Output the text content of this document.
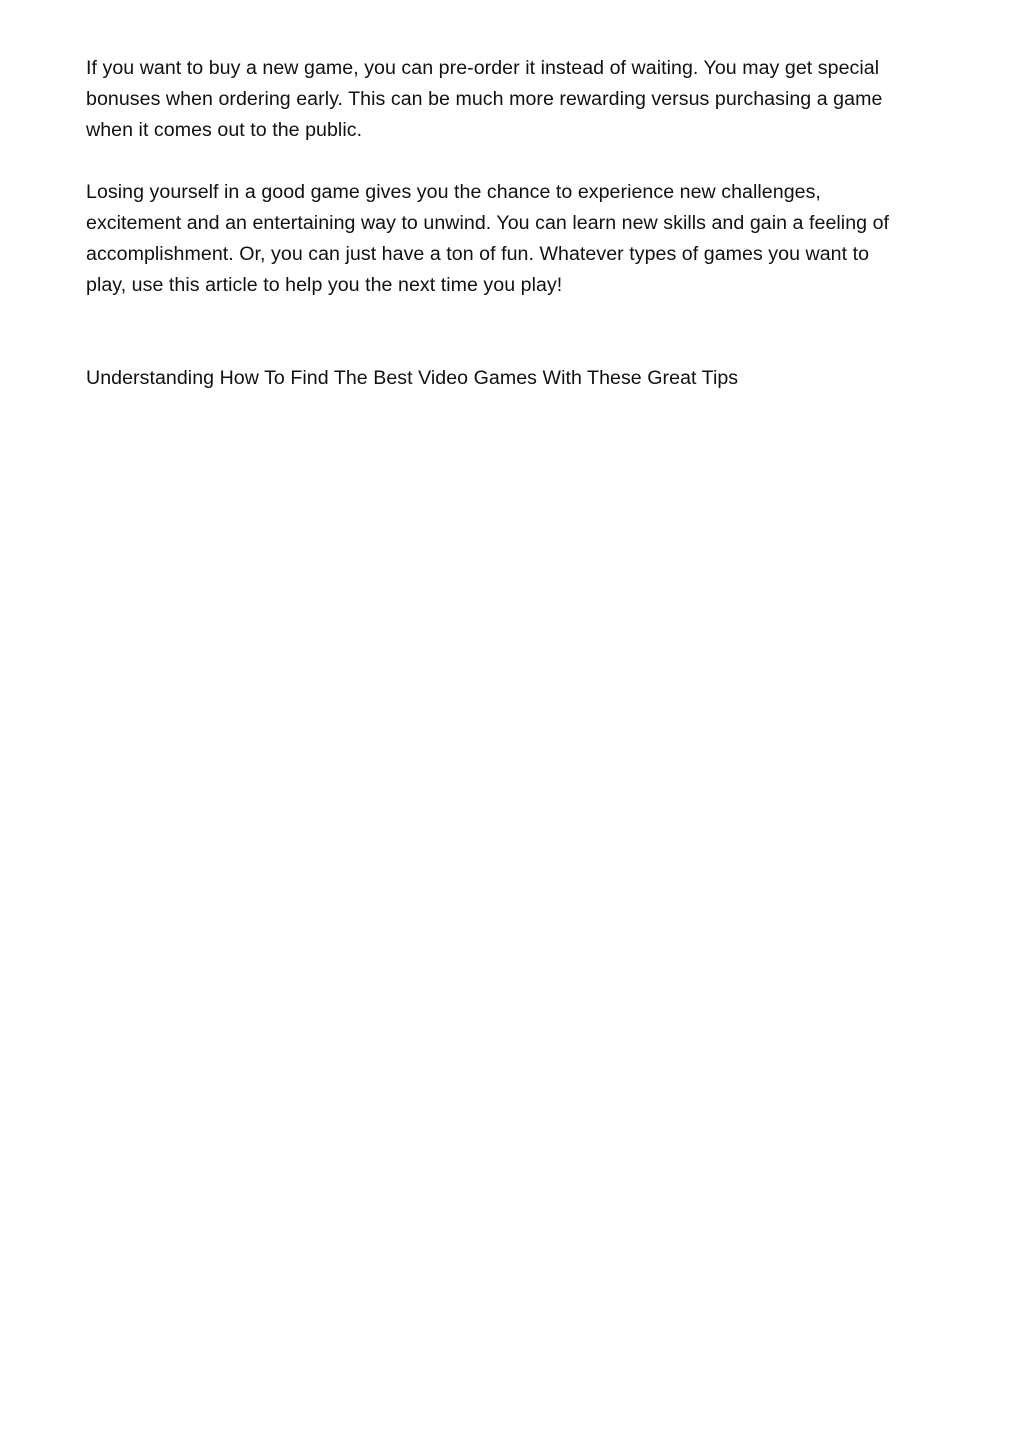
If you want to buy a new game, you can pre-order it instead of waiting. You may get special
bonuses when ordering early. This can be much more rewarding versus purchasing a game
when it comes out to the public.

Losing yourself in a good game gives you the chance to experience new challenges,
excitement and an entertaining way to unwind. You can learn new skills and gain a feeling of
accomplishment. Or, you can just have a ton of fun. Whatever types of games you want to
play, use this article to help you the next time you play!

Understanding How To Find The Best Video Games With These Great Tips
